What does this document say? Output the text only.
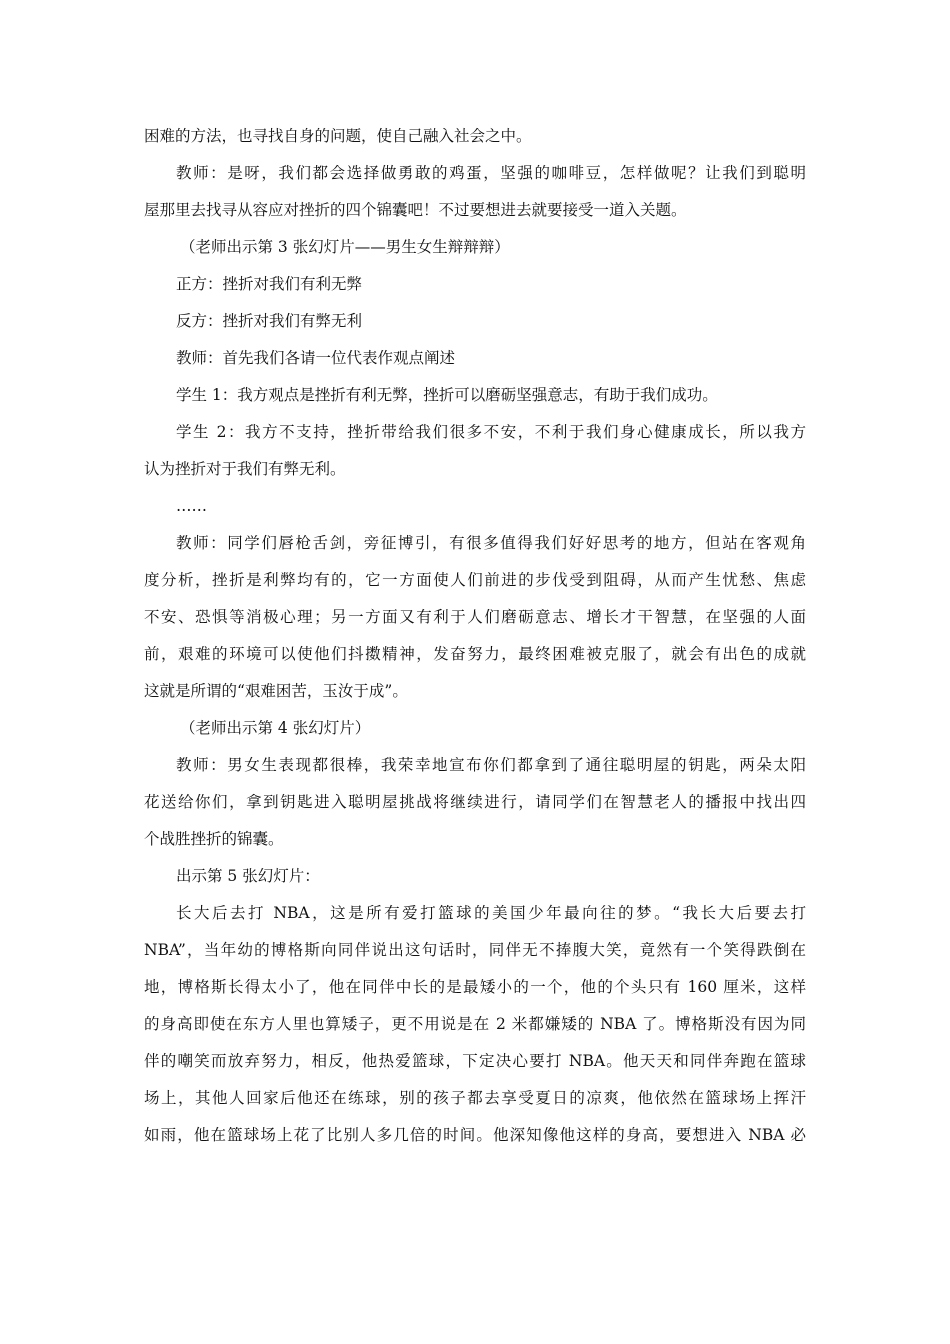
困难的方法，也寻找自身的问题，使自己融入社会之中。

教师：是呀，我们都会选择做勇敢的鸡蛋，坚强的咖啡豆，怎样做呢？让我们到聪明
屋那里去找寻从容应对挫折的四个锦囊吧！不过要想进去就要接受一道入关题。

（老师出示第 3 张幻灯片——男生女生辩辩辩）

正方：挫折对我们有利无弊

反方：挫折对我们有弊无利

教师：首先我们各请一位代表作观点阐述

学生 1：我方观点是挫折有利无弊，挫折可以磨砺坚强意志，有助于我们成功。

学生 2：我方不支持，挫折带给我们很多不安，不利于我们身心健康成长，所以我方
认为挫折对于我们有弊无利。

……

教师：同学们唇枪舌剑，旁征博引，有很多值得我们好好思考的地方，但站在客观角
度分析，挫折是利弊均有的，它一方面使人们前进的步伐受到阻碍，从而产生忧愁、焦虑
不安、恐惧等消极心理；另一方面又有利于人们磨砺意志、增长才干智慧，在坚强的人面
前，艰难的环境可以使他们抖擞精神，发奋努力，最终困难被克服了，就会有出色的成就
这就是所谓的“艰难困苦，玉汝于成”。

（老师出示第 4 张幻灯片）

教师：男女生表现都很棒，我荣幸地宣布你们都拿到了通往聪明屋的钥匙，两朵太阳
花送给你们，拿到钥匙进入聪明屋挑战将继续进行，请同学们在智慧老人的播报中找出四
个战胜挫折的锦囊。

出示第 5 张幻灯片：

长大后去打 NBA，这是所有爱打篮球的美国少年最向往的梦。“我长大后要去打
NBA”，当年幼的博格斯向同伴说出这句话时，同伴无不捧腹大笑，竟然有一个笑得跌倒在
地，博格斯长得太小了，他在同伴中长的是最矮小的一个，他的个头只有 160 厘米，这样
的身高即使在东方人里也算矮子，更不用说是在 2 米都嫌矮的 NBA 了。博格斯没有因为同
伴的嘲笑而放弃努力，相反，他热爱篮球，下定决心要打 NBA。他天天和同伴奔跑在篮球
场上，其他人回家后他还在练球，别的孩子都去享受夏日的凉爽，他依然在篮球场上挥汗
如雨，他在篮球场上花了比别人多几倍的时间。他深知像他这样的身高，要想进入 NBA 必
